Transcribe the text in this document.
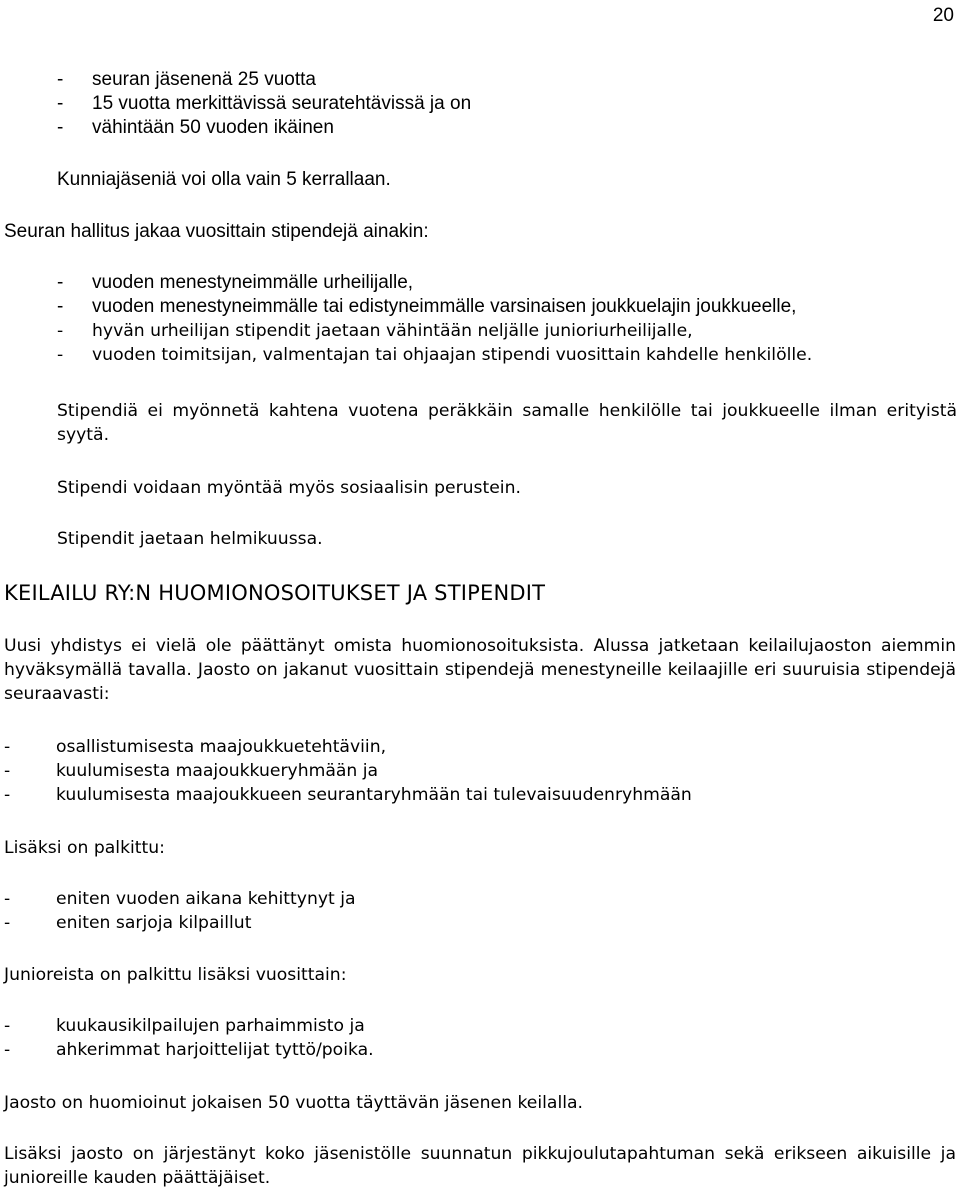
20
-	seuran jäsenenä 25 vuotta
-	15 vuotta merkittävissä seuratehtävissä ja on
-	vähintään 50 vuoden ikäinen

Kunniajäseniä voi olla vain 5 kerrallaan.

Seuran hallitus jakaa vuosittain stipendejä ainakin:

-	vuoden menestyneimmälle urheilijalle,
-	vuoden menestyneimmälle tai edistyneimmälle varsinaisen joukkuelajin joukkueelle,
-	hyvän urheilijan stipendit jaetaan vähintään neljälle junioriurheilijalle,
-	vuoden toimitsijan, valmentajan tai ohjaajan stipendi vuosittain kahdelle henkilölle.

Stipendiä ei myönnetä kahtena vuotena peräkkäin samalle henkilölle tai joukkueelle ilman erityistä syytä.

Stipendi voidaan myöntää myös sosiaalisin perustein.

Stipendit jaetaan helmikuussa.

KEILAILU RY:N HUOMIONOSOITUKSET JA STIPENDIT

Uusi yhdistys ei vielä ole päättänyt omista huomionosoituksista. Alussa jatketaan keilailujaoston aiemmin hyväksymällä tavalla. Jaosto on jakanut vuosittain stipendejä menestyneille keilaajille eri suuruisia stipendejä seuraavasti:

-	osallistumisesta maajoukkuetehtäviin,
-	kuulumisesta maajoukkueryhmään ja
-	kuulumisesta maajoukkueen seurantaryhmään tai tulevaisuudenryhmään

Lisäksi on palkittu:

-	eniten vuoden aikana kehittynyt ja
-	eniten sarjoja kilpaillut

Junioreista on palkittu lisäksi vuosittain:

-	kuukausikilpailujen parhaimmisto ja
-	ahkerimmat harjoittelijat tyttö/poika.

Jaosto on huomioinut jokaisen 50 vuotta täyttävän jäsenen keilalla.

Lisäksi jaosto on järjestänyt koko jäsenistölle suunnatun pikkujoulutapahtuman sekä erikseen aikuisille ja junioreille kauden päättäjäiset.
